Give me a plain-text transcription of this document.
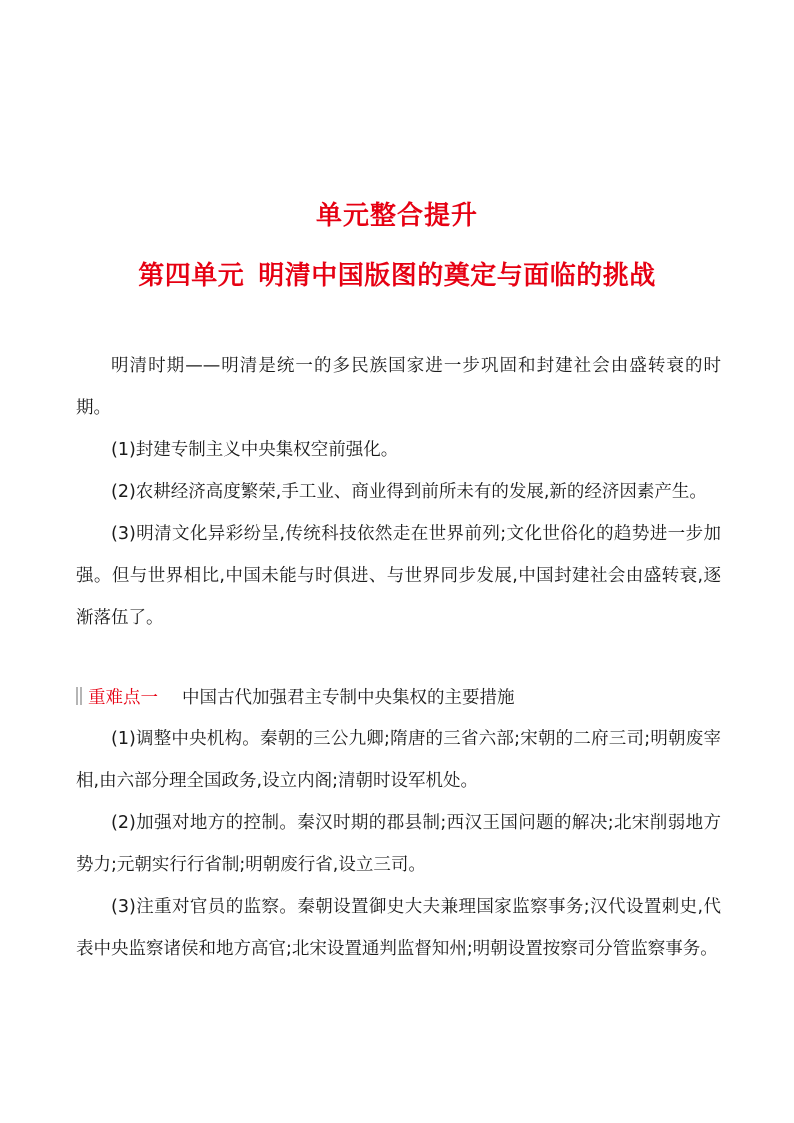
单元整合提升
第四单元 明清中国版图的奠定与面临的挑战

明清时期——明清是统一的多民族国家进一步巩固和封建社会由盛转衰的时期。

(1)封建专制主义中央集权空前强化。

(2)农耕经济高度繁荣,手工业、商业得到前所未有的发展,新的经济因素产生。

(3)明清文化异彩纷呈,传统科技依然走在世界前列;文化世俗化的趋势进一步加强。但与世界相比,中国未能与时俱进、与世界同步发展,中国封建社会由盛转衰,逐渐落伍了。

重难点一 中国古代加强君主专制中央集权的主要措施

(1)调整中央机构。秦朝的三公九卿;隋唐的三省六部;宋朝的二府三司;明朝废宰相,由六部分理全国政务,设立内阁;清朝时设军机处。

(2)加强对地方的控制。秦汉时期的郡县制;西汉王国问题的解决;北宋削弱地方势力;元朝实行行省制;明朝废行省,设立三司。

(3)注重对官员的监察。秦朝设置御史大夫兼理国家监察事务;汉代设置刺史,代表中央监察诸侯和地方高官;北宋设置通判监督知州;明朝设置按察司分管监察事务。
